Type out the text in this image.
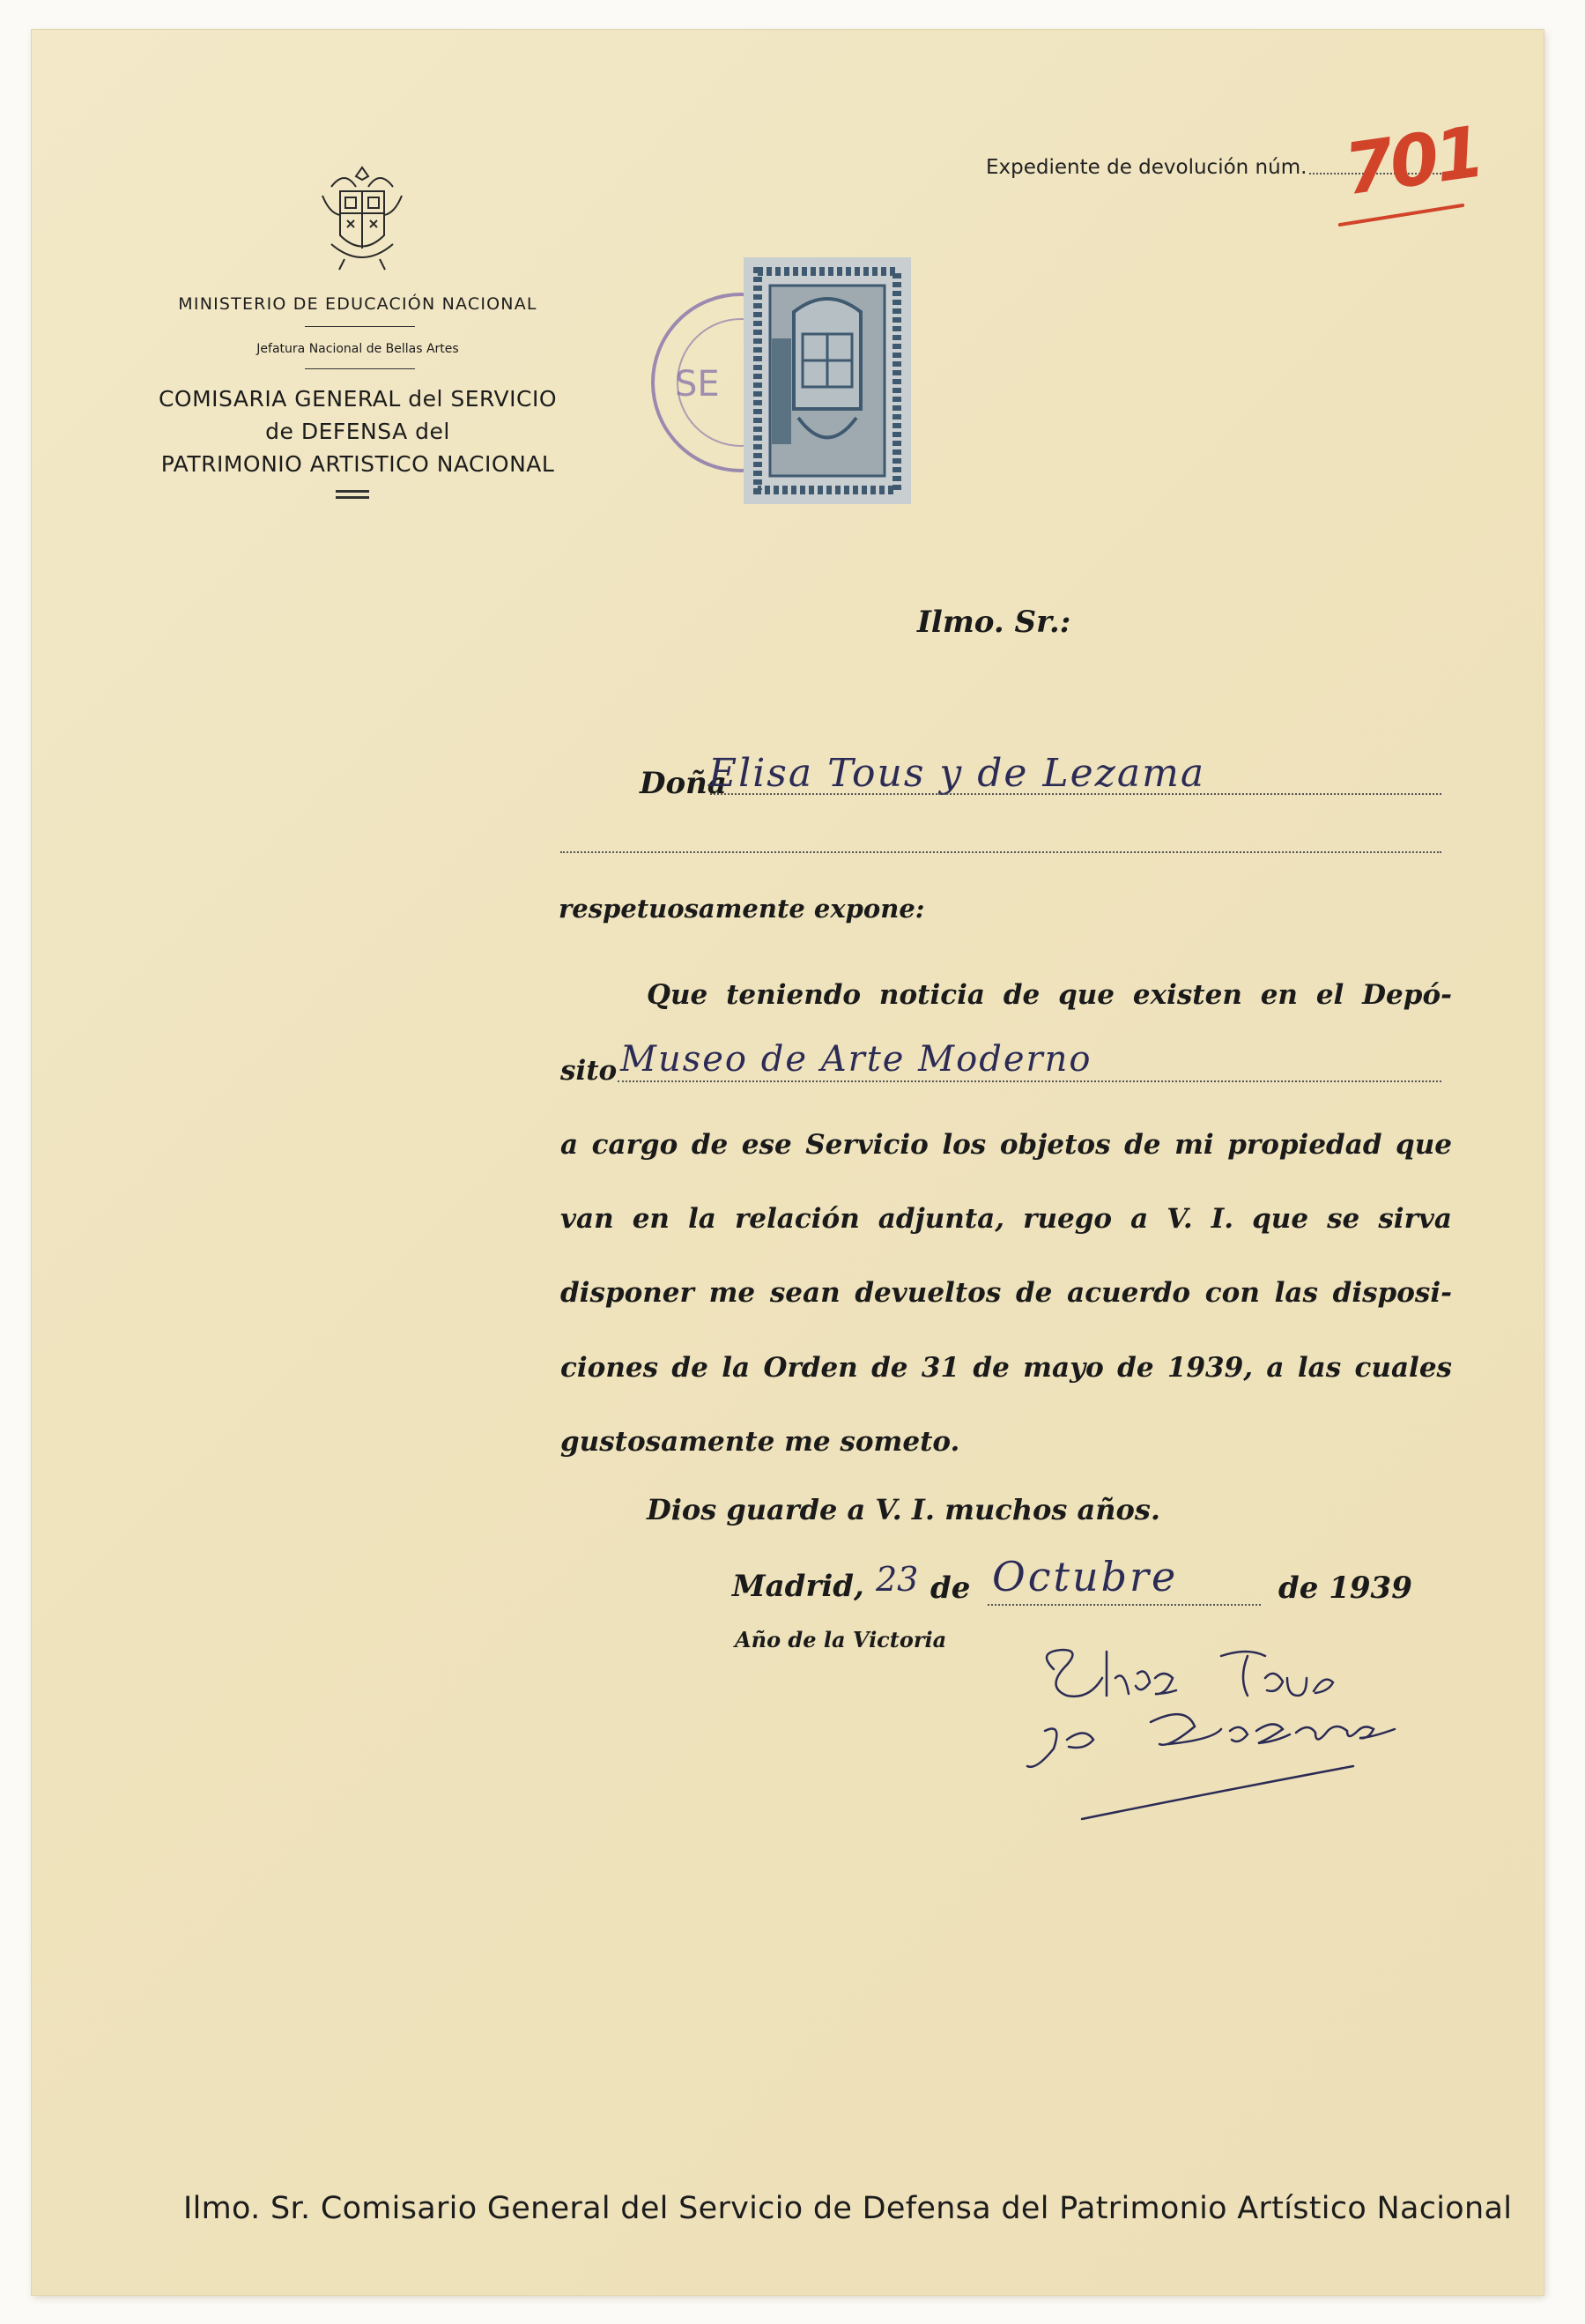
MINISTERIO DE EDUCACIÓN NACIONAL
Jefatura Nacional de Bellas Artes
COMISARIA GENERAL del SERVICIO
de DEFENSA del
PATRIMONIO ARTISTICO NACIONAL
Expediente de devolución núm. 701
SE
Ilmo. Sr.:
Doña
Elisa Tous y de Lezama
respetuosamente expone:
Que teniendo noticia de que existen en el Depó-
sito Museo de Arte Moderno
a cargo de ese Servicio los objetos de mi propiedad que
van en la relación adjunta, ruego a V. I. que se sirva
disponer me sean devueltos de acuerdo con las disposi-
ciones de la Orden de 31 de mayo de 1939, a las cuales
gustosamente me someto.
Dios guarde a V. I. muchos años.
Madrid, 23 de Octubre	de 1939
Año de la Victoria
Ilmo. Sr. Comisario General del Servicio de Defensa del Patrimonio Artístico Nacional
